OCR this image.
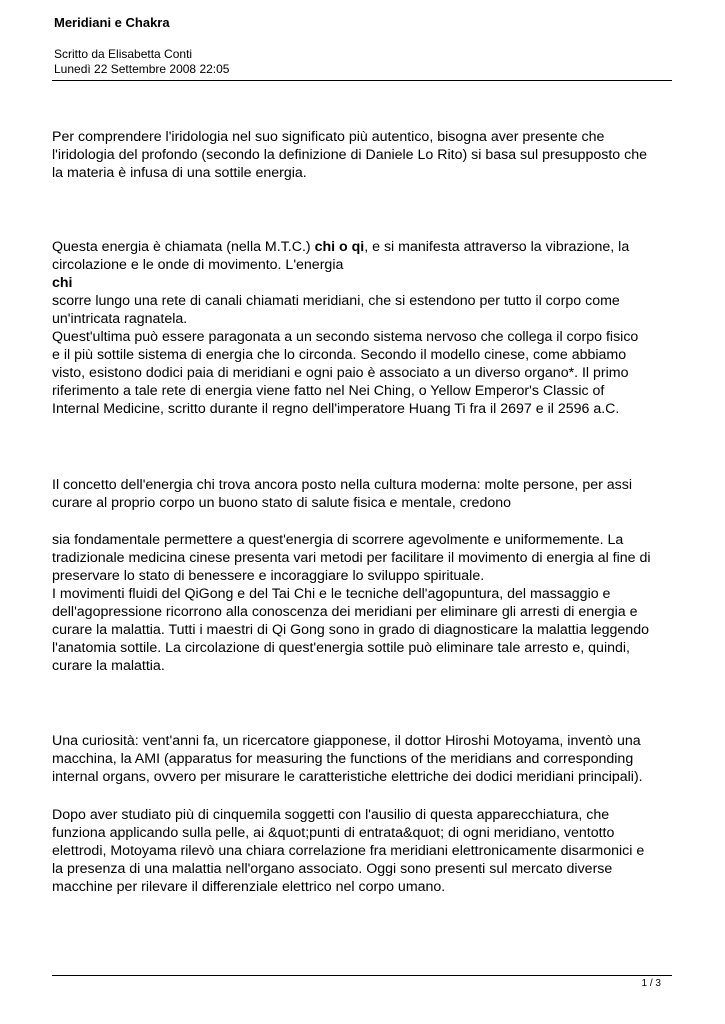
Meridiani e Chakra
Scritto da Elisabetta Conti
Lunedì 22 Settembre 2008 22:05
Per comprendere l'iridologia nel suo significato più autentico, bisogna aver presente che
l'iridologia del profondo (secondo la definizione di Daniele Lo Rito) si basa sul presupposto che
la materia è infusa di una sottile energia.
Questa energia è chiamata (nella M.T.C.) chi o qi, e si manifesta attraverso la vibrazione, la
circolazione e le onde di movimento. L'energia
chi
scorre lungo una rete di canali chiamati meridiani, che si estendono per tutto il corpo come
un'intricata ragnatela.
Quest'ultima può essere paragonata a un secondo sistema nervoso che collega il corpo fisico
e il più sottile sistema di energia che lo circonda. Secondo il modello cinese, come abbiamo
visto, esistono dodici paia di meridiani e ogni paio è associato a un diverso organo*. Il primo
riferimento a tale rete di energia viene fatto nel Nei Ching, o Yellow Emperor's Classic of
Internal Medicine, scritto durante il regno dell'imperatore Huang Ti fra il 2697 e il 2596 a.C.
Il concetto dell'energia chi trova ancora posto nella cultura moderna: molte persone, per assi
curare al proprio corpo un buono stato di salute fisica e mentale, credono
sia fondamentale permettere a quest'energia di scorrere agevolmente e uniformemente. La
tradizionale medicina cinese presenta vari metodi per facilitare il movimento di energia al fine di
preservare lo stato di benessere e incoraggiare lo sviluppo spirituale.
I movimenti fluidi del QiGong e del Tai Chi e le tecniche dell'agopuntura, del massaggio e
dell'agopressione ricorrono alla conoscenza dei meridiani per eliminare gli arresti di energia e
curare la malattia. Tutti i maestri di Qi Gong sono in grado di diagnosticare la malattia leggendo
l'anatomia sottile. La circolazione di quest'energia sottile può eliminare tale arresto e, quindi,
curare la malattia.
Una curiosità: vent'anni fa, un ricercatore giapponese, il dottor Hiroshi Motoyama, inventò una
macchina, la AMI (apparatus for measuring the functions of the meridians and corresponding
internal organs, ovvero per misurare le caratteristiche elettriche dei dodici meridiani principali).
Dopo aver studiato più di cinquemila soggetti con l'ausilio di questa apparecchiatura, che
funziona applicando sulla pelle, ai &quot;punti di entrata&quot; di ogni meridiano, ventotto
elettrodi, Motoyama rilevò una chiara correlazione fra meridiani elettronicamente disarmonici e
la presenza di una malattia nell'organo associato. Oggi sono presenti sul mercato diverse
macchine per rilevare il differenziale elettrico nel corpo umano.
1 / 3
